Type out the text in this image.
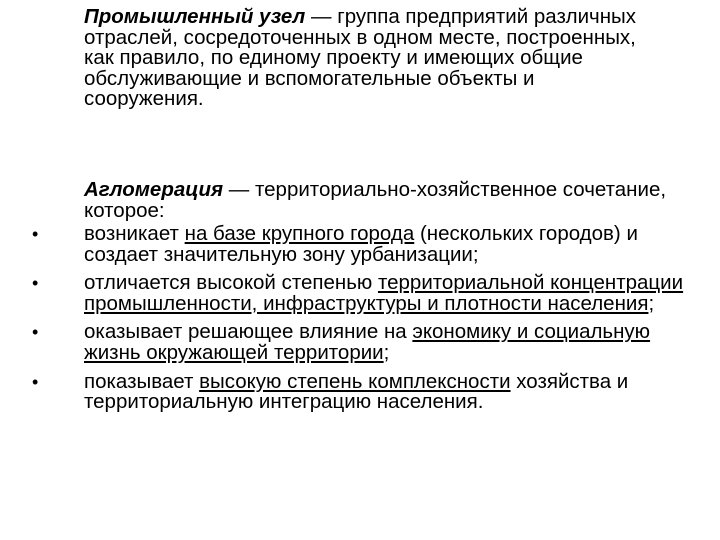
Промышленный узел — группа предприятий различных отраслей, сосредоточенных в одном месте, построенных, как правило, по единому проекту и имеющих общие обслуживающие и вспомогательные объекты и сооружения.

Агломерация — территориально-хозяйственное сочетание, которое:

• возникает на базе крупного города (нескольких городов) и создает значительную зону урбанизации;
• отличается высокой степенью территориальной концентрации промышленности, инфраструктуры и плотности населения;
• оказывает решающее влияние на экономику и социальную жизнь окружающей территории;
• показывает высокую степень комплексности хозяйства и территориальную интеграцию населения.
